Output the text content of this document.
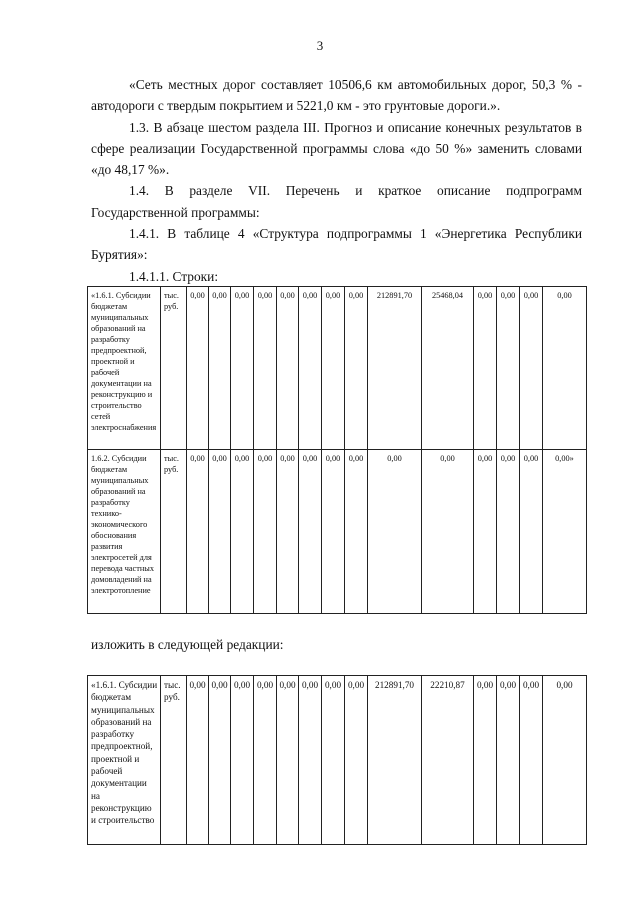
3

«Сеть местных дорог составляет 10506,6 км автомобильных дорог, 50,3 % - автодороги с твердым покрытием и 5221,0 км - это грунтовые дороги.».

1.3. В абзаце шестом раздела III. Прогноз и описание конечных результатов в сфере реализации Государственной программы слова «до 50 %» заменить словами «до 48,17 %».

1.4. В разделе VII. Перечень и краткое описание подпрограмм Государственной программы:

1.4.1. В таблице 4 «Структура подпрограммы 1 «Энергетика Республики Бурятия»:

1.4.1.1. Строки:

«1.6.1. Субсидии бюджетам муниципальных образований на разработку предпроектной, проектной и рабочей документации на реконструкцию и строительство сетей электроснабжения	тыс. руб.	0,00	0,00	0,00	0,00	0,00	0,00	0,00	0,00	212891,70	25468,04	0,00	0,00	0,00	0,00
1.6.2. Субсидии бюджетам муниципальных образований на разработку технико-экономического обоснования развития электросетей для перевода частных домовладений на электротопление	тыс. руб.	0,00	0,00	0,00	0,00	0,00	0,00	0,00	0,00	0,00	0,00	0,00	0,00	0,00	0,00»
изложить в следующей редакции:
«1.6.1. Субсидии бюджетам муниципальных образований на разработку предпроектной, проектной и рабочей документации на реконструкцию и строительство	тыс. руб.	0,00	0,00	0,00	0,00	0,00	0,00	0,00	0,00	212891,70	22210,87	0,00	0,00	0,00	0,00
